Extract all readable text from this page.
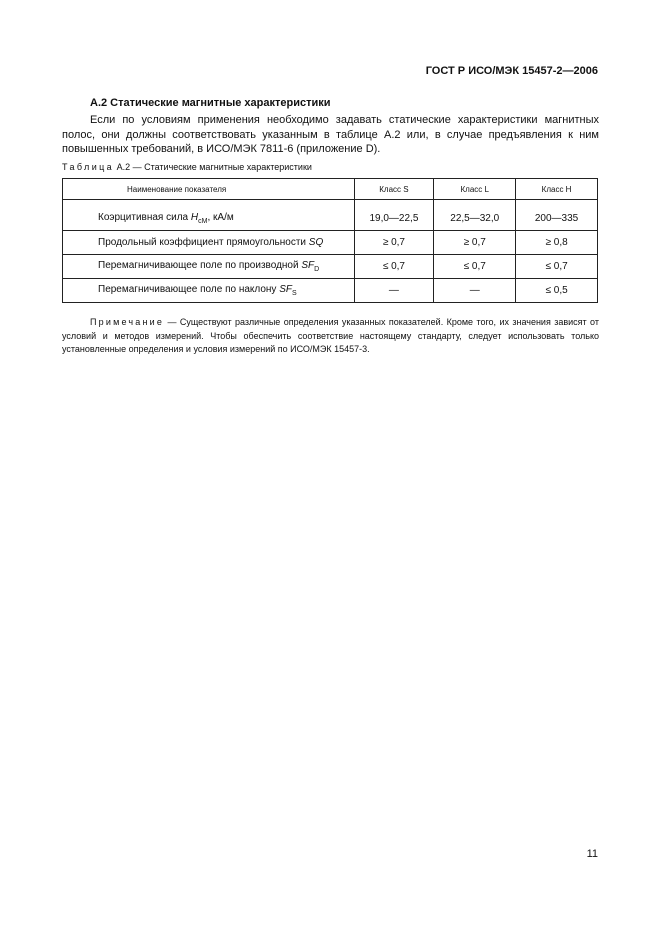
ГОСТ Р ИСО/МЭК 15457-2—2006
А.2 Статические магнитные характеристики

Если по условиям применения необходимо задавать статические характеристики магнитных полос, они должны соответствовать указанным в таблице А.2 или, в случае предъявления к ним повышенных требований, в ИСО/МЭК 7811-6 (приложение D).

Таблица А.2 — Статические магнитные характеристики
Наименование показателя	Класс S	Класс L	Класс H

Коэрцитивная сила $H_{cM}$, кА/м	19,0—22,5	22,5—32,0	200—335
Продольный коэффициент прямоугольности SQ	≥ 0,7	≥ 0,7	≥ 0,8
Перемагничивающее поле по производной $SF_D$	≤ 0,7	≤ 0,7	≤ 0,7
Перемагничивающее поле по наклону $SF_S$	—	—	≤ 0,5

Примечание — Существуют различные определения указанных показателей. Кроме того, их значения зависят от условий и методов измерений. Чтобы обеспечить соответствие настоящему стандарту, следует использовать только установленные определения и условия измерений по ИСО/МЭК 15457-3.

11
